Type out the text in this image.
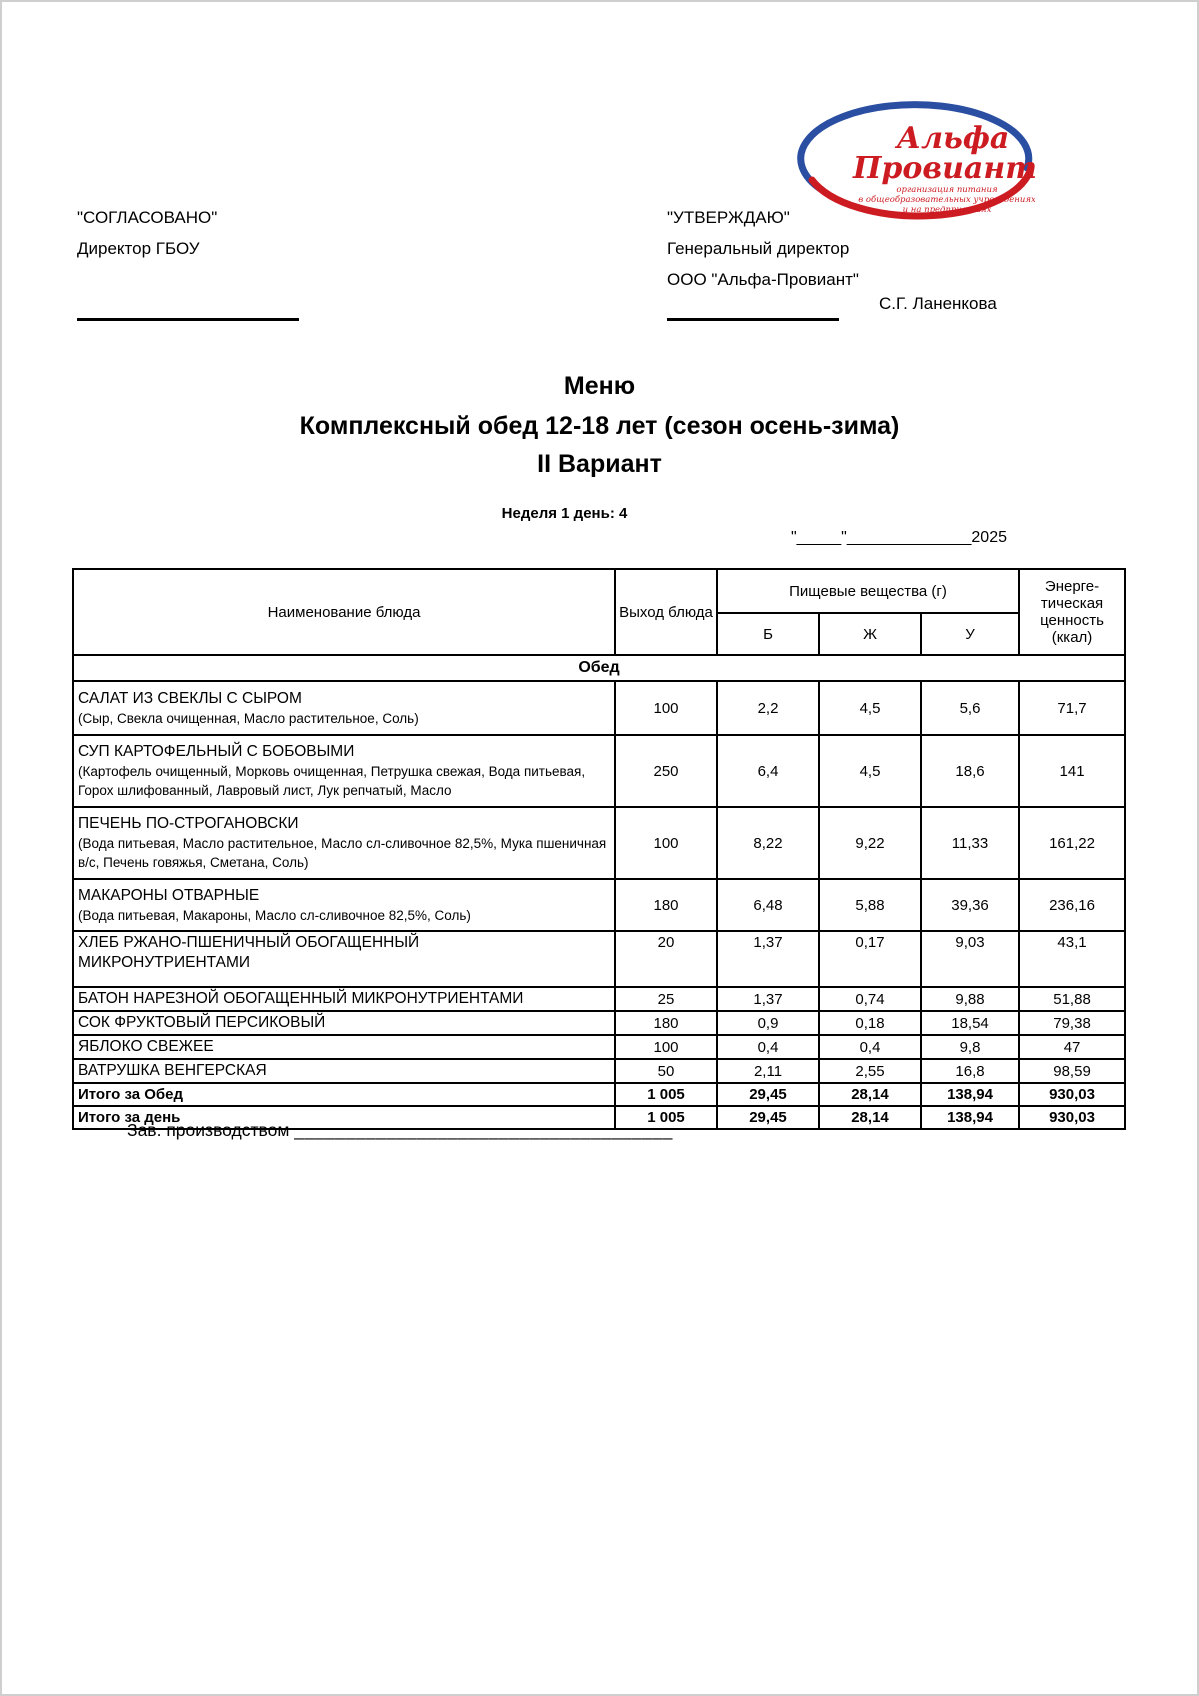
Альфа
Провиант
организация питания
в общеобразовательных учреждениях
и на предприятиях
"СОГЛАСОВАНО"
Директор ГБОУ
"УТВЕРЖДАЮ"
Генеральный директор
ООО "Альфа-Провиант"
С.Г. Ланенкова
Меню
Комплексный обед 12-18 лет (сезон осень-зима)
II Вариант
Неделя 1 день: 4
"_____"______________2025
Наименование блюда	Выход блюда	Пищевые вещества (г)			Энерге-тическая ценность (ккал)
		Б	Ж	У	
Обед					

САЛАТ ИЗ СВЕКЛЫ С СЫРОМ
(Сыр, Свекла очищенная, Масло растительное, Соль)	100	2,2	4,5	5,6	71,7

СУП КАРТОФЕЛЬНЫЙ С БОБОВЫМИ
(Картофель очищенный, Морковь очищенная, Петрушка свежая, Вода питьевая, Горох шлифованный, Лавровый лист, Лук репчатый, Масло	250	6,4	4,5	18,6	141

ПЕЧЕНЬ ПО-СТРОГАНОВСКИ
(Вода питьевая, Масло растительное, Масло сл-сливочное 82,5%, Мука пшеничная в/с, Печень говяжья, Сметана, Соль)	100	8,22	9,22	11,33	161,22

МАКАРОНЫ ОТВАРНЫЕ
(Вода питьевая, Макароны, Масло сл-сливочное 82,5%, Соль)	180	6,48	5,88	39,36	236,16

ХЛЕБ РЖАНО-ПШЕНИЧНЫЙ ОБОГАЩЕННЫЙ МИКРОНУТРИЕНТАМИ	20	1,37	0,17	9,03	43,1

БАТОН НАРЕЗНОЙ ОБОГАЩЕННЫЙ МИКРОНУТРИЕНТАМИ	25	1,37	0,74	9,88	51,88

СОК ФРУКТОВЫЙ ПЕРСИКОВЫЙ	180	0,9	0,18	18,54	79,38

ЯБЛОКО СВЕЖЕЕ	100	0,4	0,4	9,8	47

ВАТРУШКА ВЕНГЕРСКАЯ	50	2,11	2,55	16,8	98,59
Итого за Обед	1 005	29,45	28,14	138,94	930,03
Итого за день	1 005	29,45	28,14	138,94	930,03
Зав. производством _____________________________________
